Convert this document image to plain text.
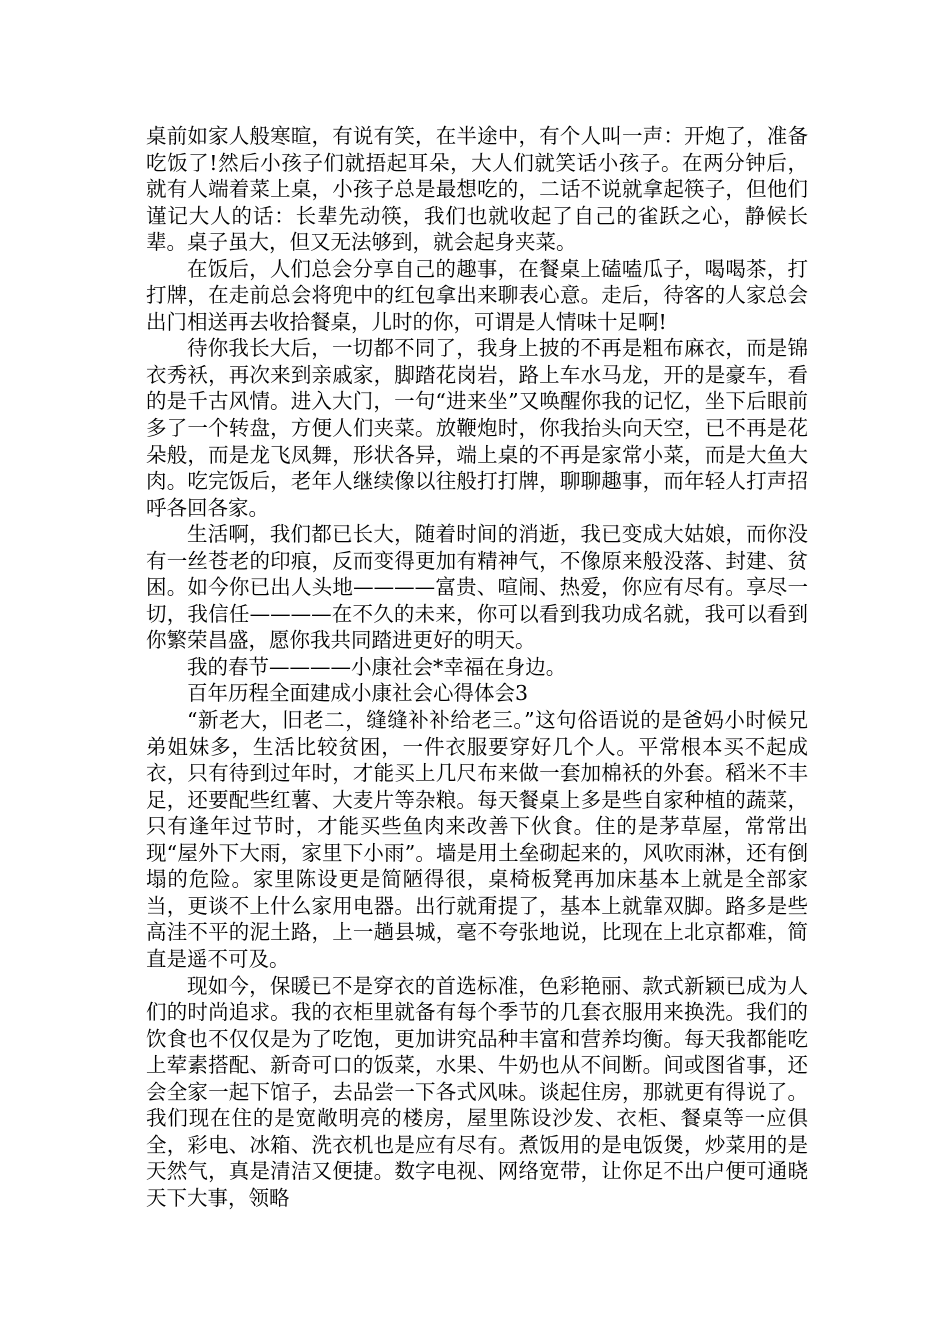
桌前如家人般寒暄，有说有笑，在半途中，有个人叫一声：开炮了，准备吃饭了!然后小孩子们就捂起耳朵，大人们就笑话小孩子。在两分钟后，就有人端着菜上桌，小孩子总是最想吃的，二话不说就拿起筷子，但他们谨记大人的话：长辈先动筷，我们也就收起了自己的雀跃之心，静候长辈。桌子虽大，但又无法够到，就会起身夹菜。

在饭后，人们总会分享自己的趣事，在餐桌上磕嗑瓜子，喝喝茶，打打牌，在走前总会将兜中的红包拿出来聊表心意。走后，待客的人家总会出门相送再去收拾餐桌，儿时的你，可谓是人情味十足啊!

待你我长大后，一切都不同了，我身上披的不再是粗布麻衣，而是锦衣秀袄，再次来到亲戚家，脚踏花岗岩，路上车水马龙，开的是豪车，看的是千古风情。进入大门，一句“进来坐”又唤醒你我的记忆，坐下后眼前多了一个转盘，方便人们夹菜。放鞭炮时，你我抬头向天空，已不再是花朵般，而是龙飞凤舞，形状各异，端上桌的不再是家常小菜，而是大鱼大肉。吃完饭后，老年人继续像以往般打打牌，聊聊趣事，而年轻人打声招呼各回各家。

生活啊，我们都已长大，随着时间的消逝，我已变成大姑娘，而你没有一丝苍老的印痕，反而变得更加有精神气，不像原来般没落、封建、贫困。如今你已出人头地————富贵、喧闹、热爱，你应有尽有。享尽一切，我信任————在不久的未来，你可以看到我功成名就，我可以看到你繁荣昌盛，愿你我共同踏进更好的明天。

我的春节————小康社会*幸福在身边。

百年历程全面建成小康社会心得体会3

“新老大，旧老二，缝缝补补给老三。”这句俗语说的是爸妈小时候兄弟姐妹多，生活比较贫困，一件衣服要穿好几个人。平常根本买不起成衣，只有待到过年时，才能买上几尺布来做一套加棉袄的外套。稻米不丰足，还要配些红薯、大麦片等杂粮。每天餐桌上多是些自家种植的蔬菜，只有逢年过节时，才能买些鱼肉来改善下伙食。住的是茅草屋，常常出现“屋外下大雨，家里下小雨”。墙是用土垒砌起来的，风吹雨淋，还有倒塌的危险。家里陈设更是简陋得很，桌椅板凳再加床基本上就是全部家当，更谈不上什么家用电器。出行就甭提了，基本上就靠双脚。路多是些高洼不平的泥土路，上一趟县城，毫不夸张地说，比现在上北京都难，简直是遥不可及。

现如今，保暖已不是穿衣的首选标准，色彩艳丽、款式新颖已成为人们的时尚追求。我的衣柜里就备有每个季节的几套衣服用来换洗。我们的饮食也不仅仅是为了吃饱，更加讲究品种丰富和营养均衡。每天我都能吃上荤素搭配、新奇可口的饭菜，水果、牛奶也从不间断。间或图省事，还会全家一起下馆子，去品尝一下各式风味。谈起住房，那就更有得说了。我们现在住的是宽敞明亮的楼房，屋里陈设沙发、衣柜、餐桌等一应俱全，彩电、冰箱、洗衣机也是应有尽有。煮饭用的是电饭煲，炒菜用的是天然气，真是清洁又便捷。数字电视、网络宽带，让你足不出户便可通晓天下大事，领略
